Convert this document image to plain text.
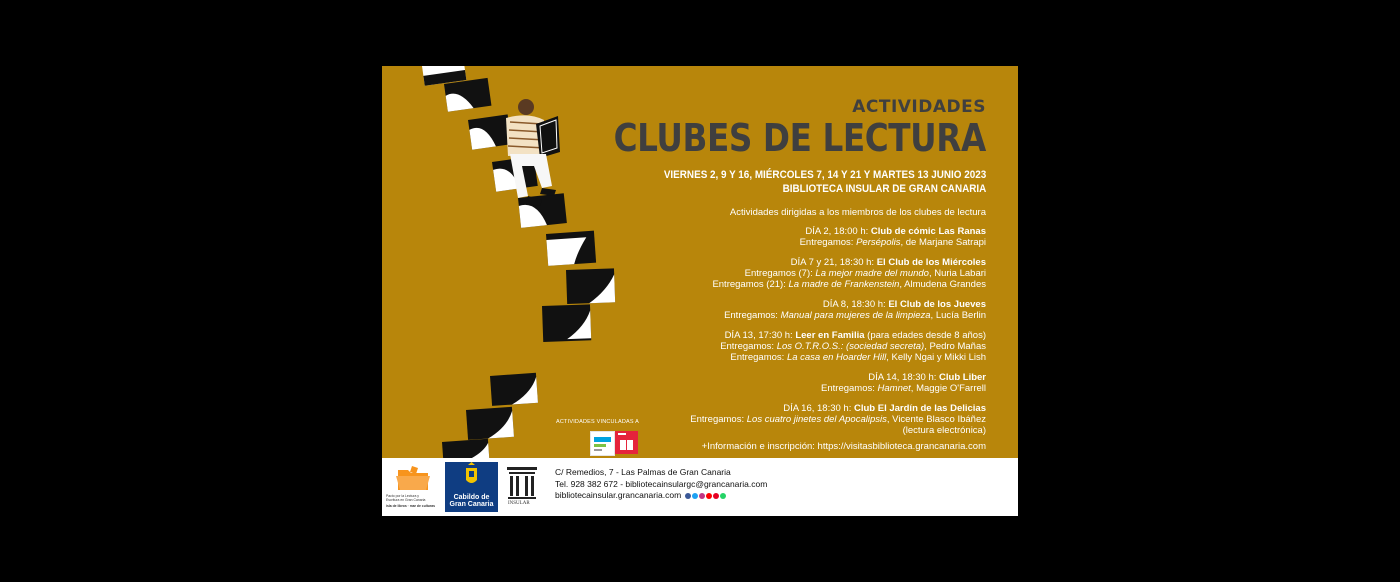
ACTIVIDADES
CLUBES DE LECTURA
VIERNES 2, 9 Y 16, MIÉRCOLES 7, 14 Y 21 Y MARTES 13 JUNIO 2023
BIBLIOTECA INSULAR DE GRAN CANARIA
Actividades dirigidas a los miembros de los clubes de lectura
DÍA 2, 18:00 h: Club de cómic Las Ranas
Entregamos: Persépolis, de Marjane Satrapi
DÍA 7 y 21, 18:30 h: El Club de los Miércoles
Entregamos (7): La mejor madre del mundo, Nuria Labari
Entregamos (21): La madre de Frankenstein, Almudena Grandes
DÍA 8, 18:30 h: El Club de los Jueves
Entregamos: Manual para mujeres de la limpieza, Lucía Berlin
DÍA 13, 17:30 h: Leer en Familia (para edades desde 8 años)
Entregamos: Los O.T.R.O.S.: (sociedad secreta), Pedro Mañas
Entregamos: La casa en Hoarder Hill, Kelly Ngai y Mikki Lish
DÍA 14, 18:30 h: Club Liber
Entregamos: Hamnet, Maggie O'Farrell
DÍA 16, 18:30 h: Club El Jardín de las Delicias
Entregamos: Los cuatro jinetes del Apocalipsis, Vicente Blasco Ibáñez
(lectura electrónica)
+Información e inscripción: https://visitasbiblioteca.grancanaria.com
ACTIVIDADES VINCULADAS A
Pacto por la Lectura y
Escritura en Gran Canaria
isla de libros · mar de culturas
Cabildo de
Gran Canaria	INSULAR
C/ Remedios, 7 - Las Palmas de Gran Canaria
Tel. 928 382 672 - bibliotecainsulargc@grancanaria.com
bibliotecainsular.grancanaria.com
